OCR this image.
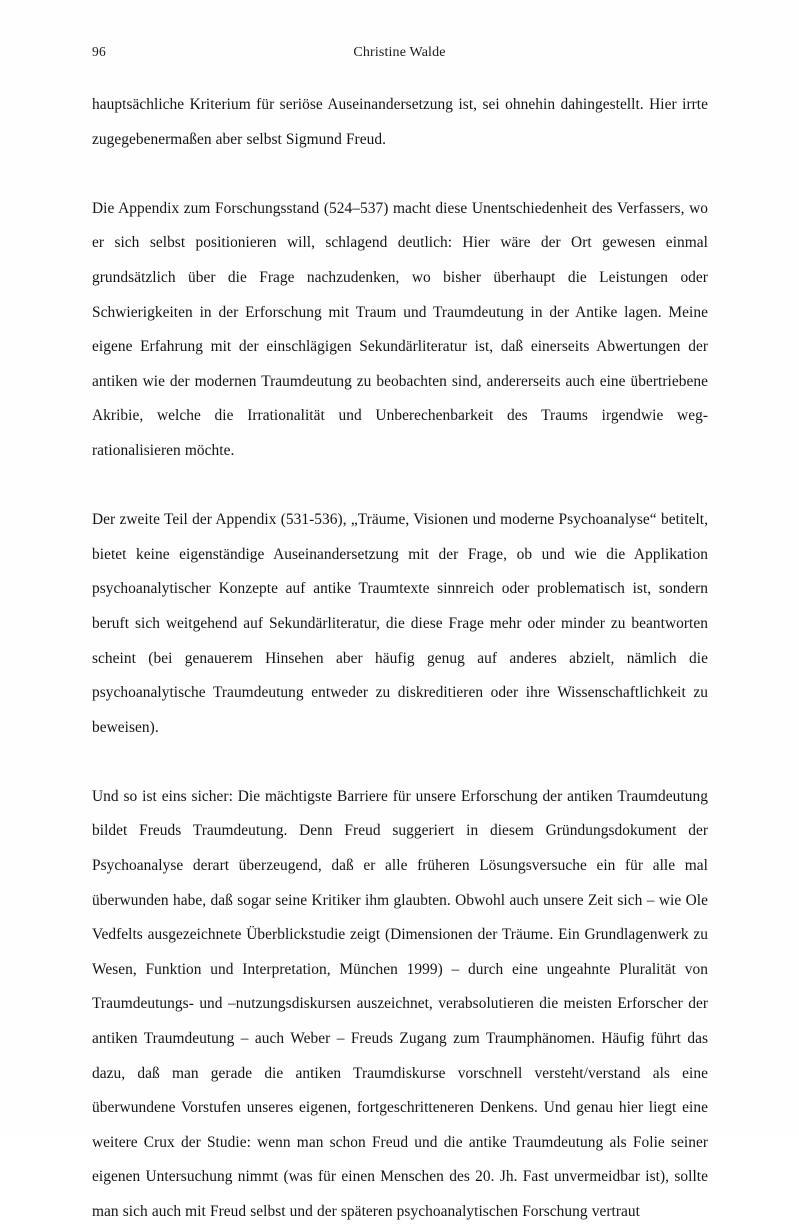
96	Christine Walde

hauptsächliche Kriterium für seriöse Auseinandersetzung ist, sei ohnehin dahingestellt. Hier irrte zugegebenermaßen aber selbst Sigmund Freud.

Die Appendix zum Forschungsstand (524–537) macht diese Unentschiedenheit des Verfassers, wo er sich selbst positionieren will, schlagend deutlich: Hier wäre der Ort gewesen einmal grundsätzlich über die Frage nachzudenken, wo bisher überhaupt die Leistungen oder Schwierigkeiten in der Erforschung mit Traum und Traumdeutung in der Antike lagen. Meine eigene Erfahrung mit der einschlägigen Sekundärliteratur ist, daß einerseits Abwertungen der antiken wie der modernen Traumdeutung zu beobachten sind, andererseits auch eine übertriebene Akribie, welche die Irrationalität und Unberechenbarkeit des Traums irgendwie weg-rationalisieren möchte.

Der zweite Teil der Appendix (531-536), „Träume, Visionen und moderne Psychoanalyse“ betitelt, bietet keine eigenständige Auseinandersetzung mit der Frage, ob und wie die Applikation psychoanalytischer Konzepte auf antike Traumtexte sinnreich oder problematisch ist, sondern beruft sich weitgehend auf Sekundärliteratur, die diese Frage mehr oder minder zu beantworten scheint (bei genauerem Hinsehen aber häufig genug auf anderes abzielt, nämlich die psychoanalytische Traumdeutung entweder zu diskreditieren oder ihre Wissenschaftlichkeit zu beweisen).

Und so ist eins sicher: Die mächtigste Barriere für unsere Erforschung der antiken Traumdeutung bildet Freuds Traumdeutung. Denn Freud suggeriert in diesem Gründungsdokument der Psychoanalyse derart überzeugend, daß er alle früheren Lösungsversuche ein für alle mal überwunden habe, daß sogar seine Kritiker ihm glaubten. Obwohl auch unsere Zeit sich – wie Ole Vedfelts ausgezeichnete Überblickstudie zeigt (Dimensionen der Träume. Ein Grundlagenwerk zu Wesen, Funktion und Interpretation, München 1999) – durch eine ungeahnte Pluralität von Traumdeutungs- und –nutzungsdiskursen auszeichnet, verabsolutieren die meisten Erforscher der antiken Traumdeutung – auch Weber – Freuds Zugang zum Traumphänomen. Häufig führt das dazu, daß man gerade die antiken Traumdiskurse vorschnell versteht/verstand als eine überwundene Vorstufen unseres eigenen, fortgeschritteneren Denkens. Und genau hier liegt eine weitere Crux der Studie: wenn man schon Freud und die antike Traumdeutung als Folie seiner eigenen Untersuchung nimmt (was für einen Menschen des 20. Jh. Fast unvermeidbar ist), sollte man sich auch mit Freud selbst und der späteren psychoanalytischen Forschung vertraut
